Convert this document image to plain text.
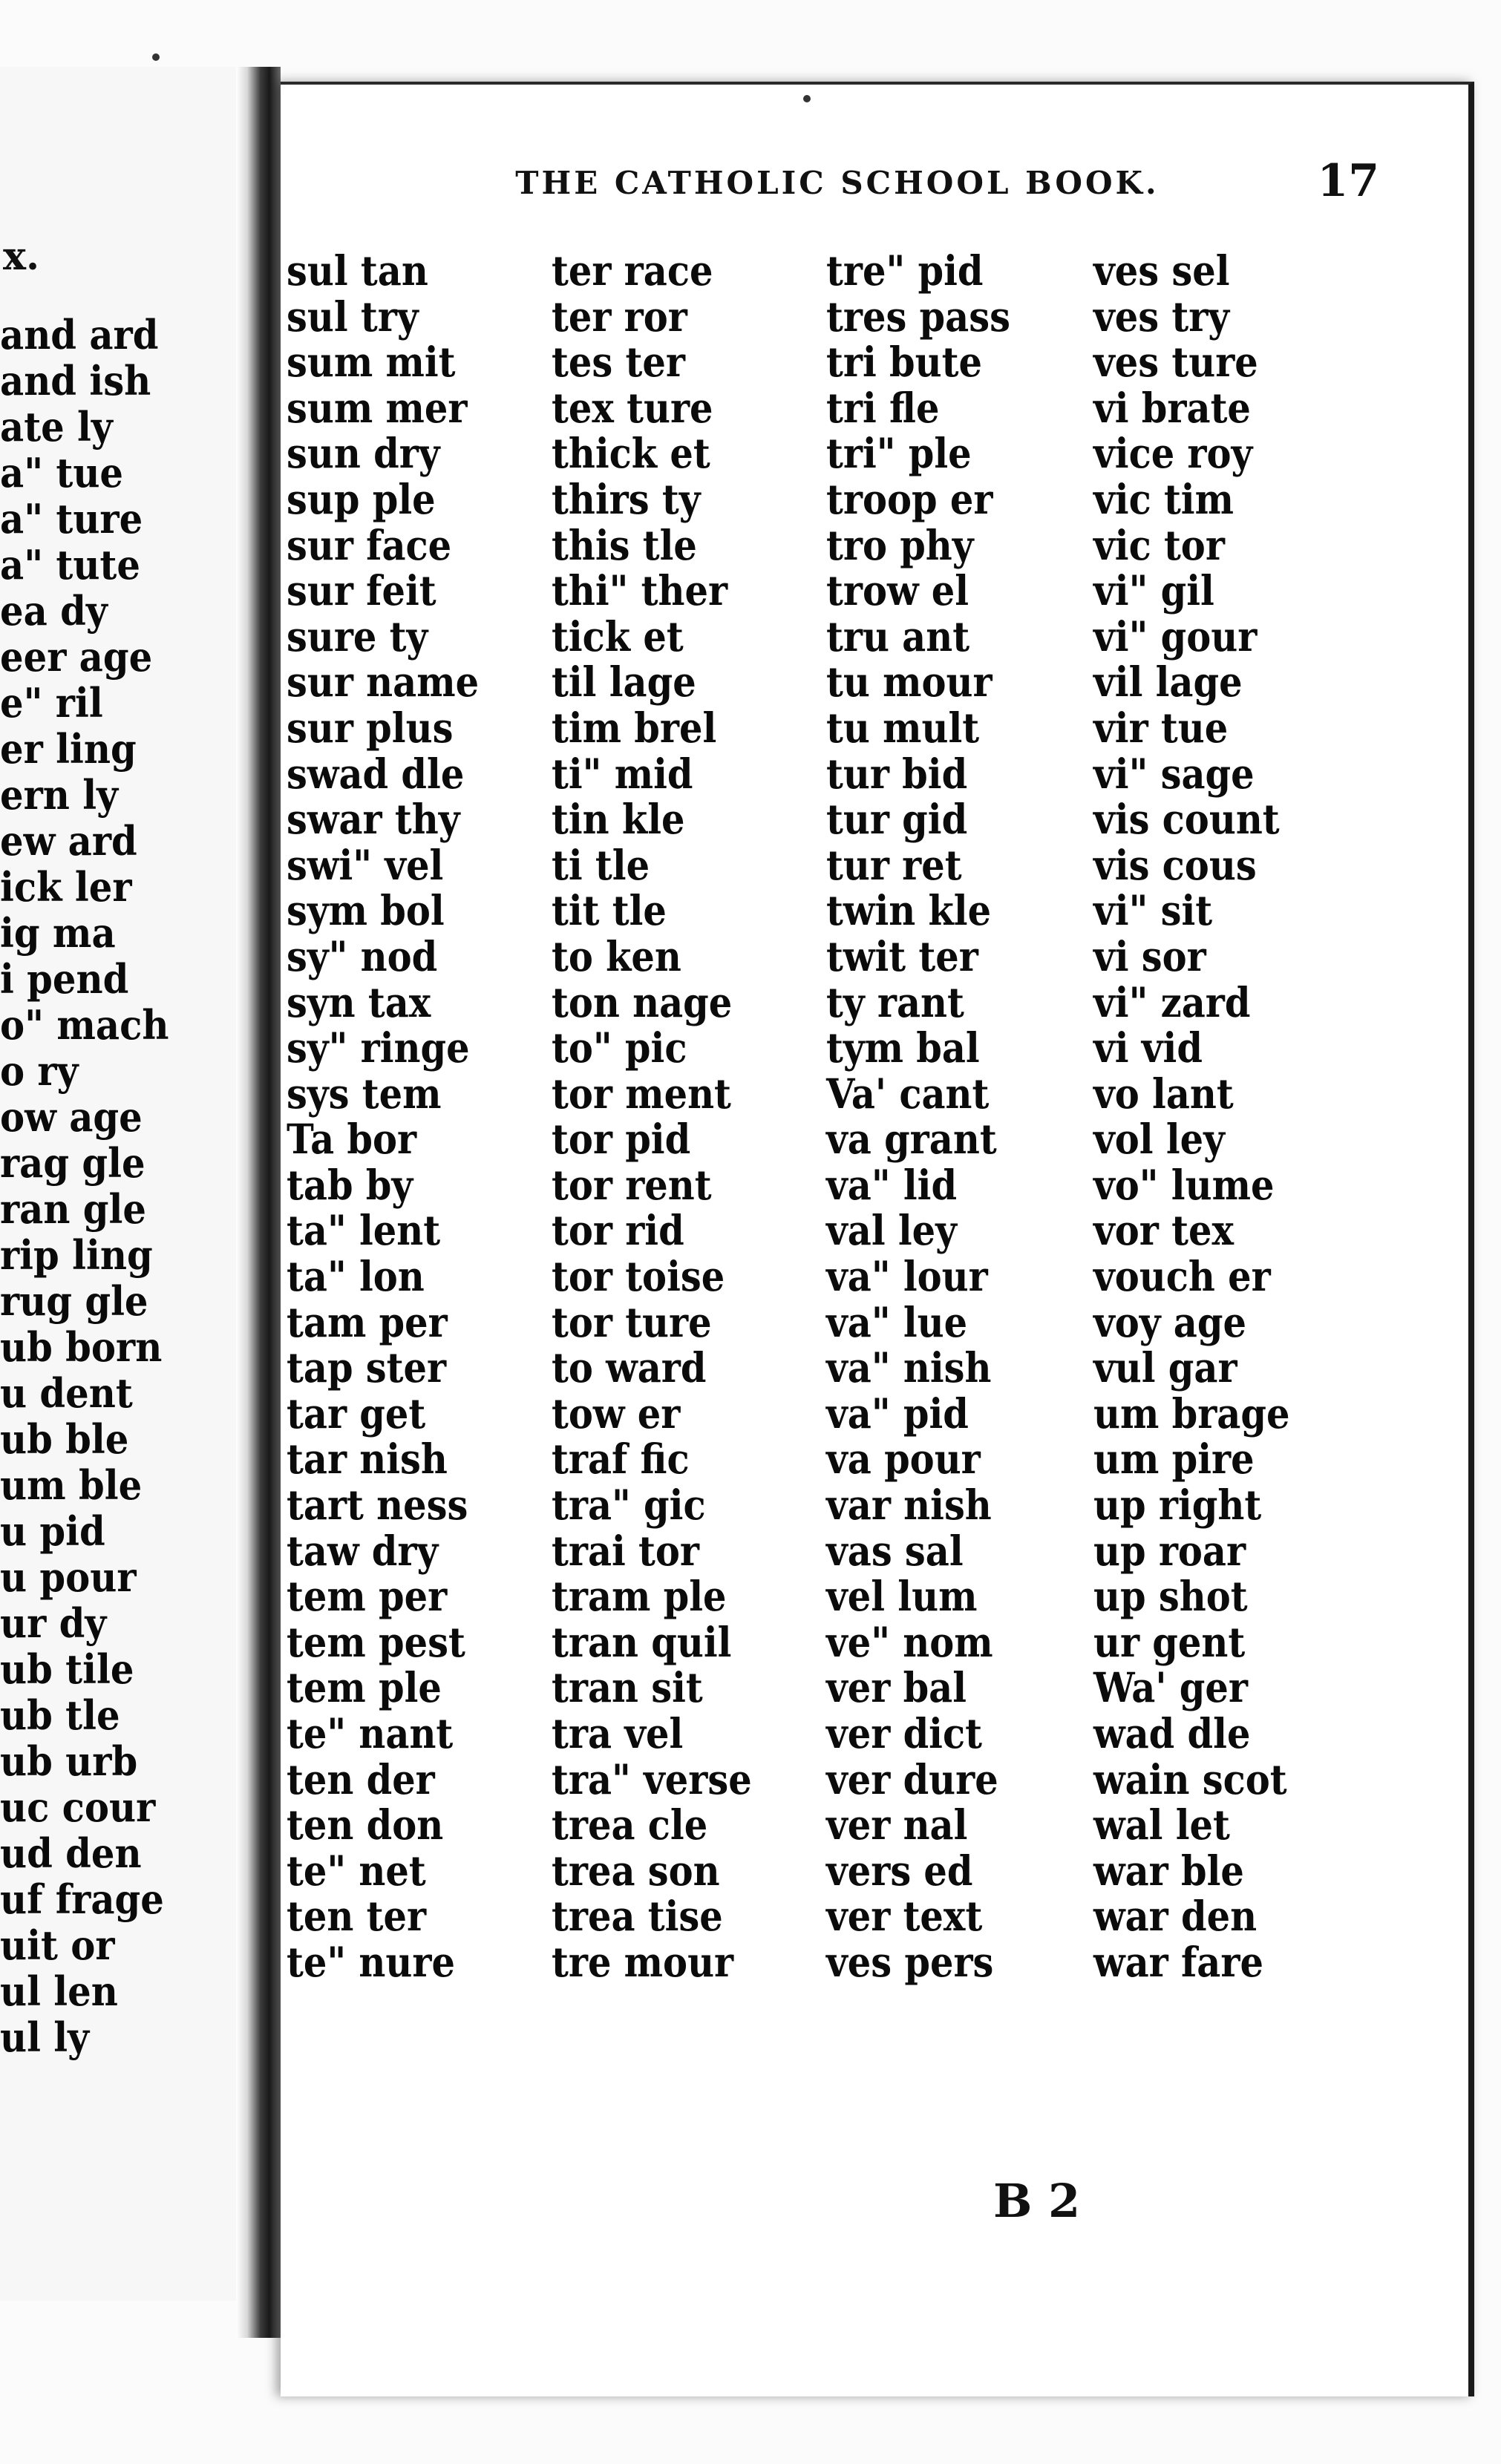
x.
and ard
and ish
ate ly
a" tue
a" ture
a" tute
ea dy
eer age
e" ril
er ling
ern ly
ew ard
ick ler
ig ma
i pend
o" mach
o ry
ow age
rag gle
ran gle
rip ling
rug gle
ub born
u dent
ub ble
um ble
u pid
u pour
ur dy
ub tile
ub tle
ub urb
uc cour
ud den
uf frage
uit or
ul len
ul ly
THE CATHOLIC SCHOOL BOOK.	17
sul tan
sul try
sum mit
sum mer
sun dry
sup ple
sur face
sur feit
sure ty
sur name
sur plus
swad dle
swar thy
swi" vel
sym bol
sy" nod
syn tax
sy" ringe
sys tem
Ta bor
tab by
ta" lent
ta" lon
tam per
tap ster
tar get
tar nish
tart ness
taw dry
tem per
tem pest
tem ple
te" nant
ten der
ten don
te" net
ten ter
te" nure
ter race
ter ror
tes ter
tex ture
thick et
thirs ty
this tle
thi" ther
tick et
til lage
tim brel
ti" mid
tin kle
ti tle
tit tle
to ken
ton nage
to" pic
tor ment
tor pid
tor rent
tor rid
tor toise
tor ture
to ward
tow er
traf fic
tra" gic
trai tor
tram ple
tran quil
tran sit
tra vel
tra" verse
trea cle
trea son
trea tise
tre mour
tre" pid
tres pass
tri bute
tri fle
tri" ple
troop er
tro phy
trow el
tru ant
tu mour
tu mult
tur bid
tur gid
tur ret
twin kle
twit ter
ty rant
tym bal
Va' cant
va grant
va" lid
val ley
va" lour
va" lue
va" nish
va" pid
va pour
var nish
vas sal
vel lum
ve" nom
ver bal
ver dict
ver dure
ver nal
vers ed
ver text
ves pers
ves sel
ves try
ves ture
vi brate
vice roy
vic tim
vic tor
vi" gil
vi" gour
vil lage
vir tue
vi" sage
vis count
vis cous
vi" sit
vi sor
vi" zard
vi vid
vo lant
vol ley
vo" lume
vor tex
vouch er
voy age
vul gar
um brage
um pire
up right
up roar
up shot
ur gent
Wa' ger
wad dle
wain scot
wal let
war ble
war den
war fare
B 2
